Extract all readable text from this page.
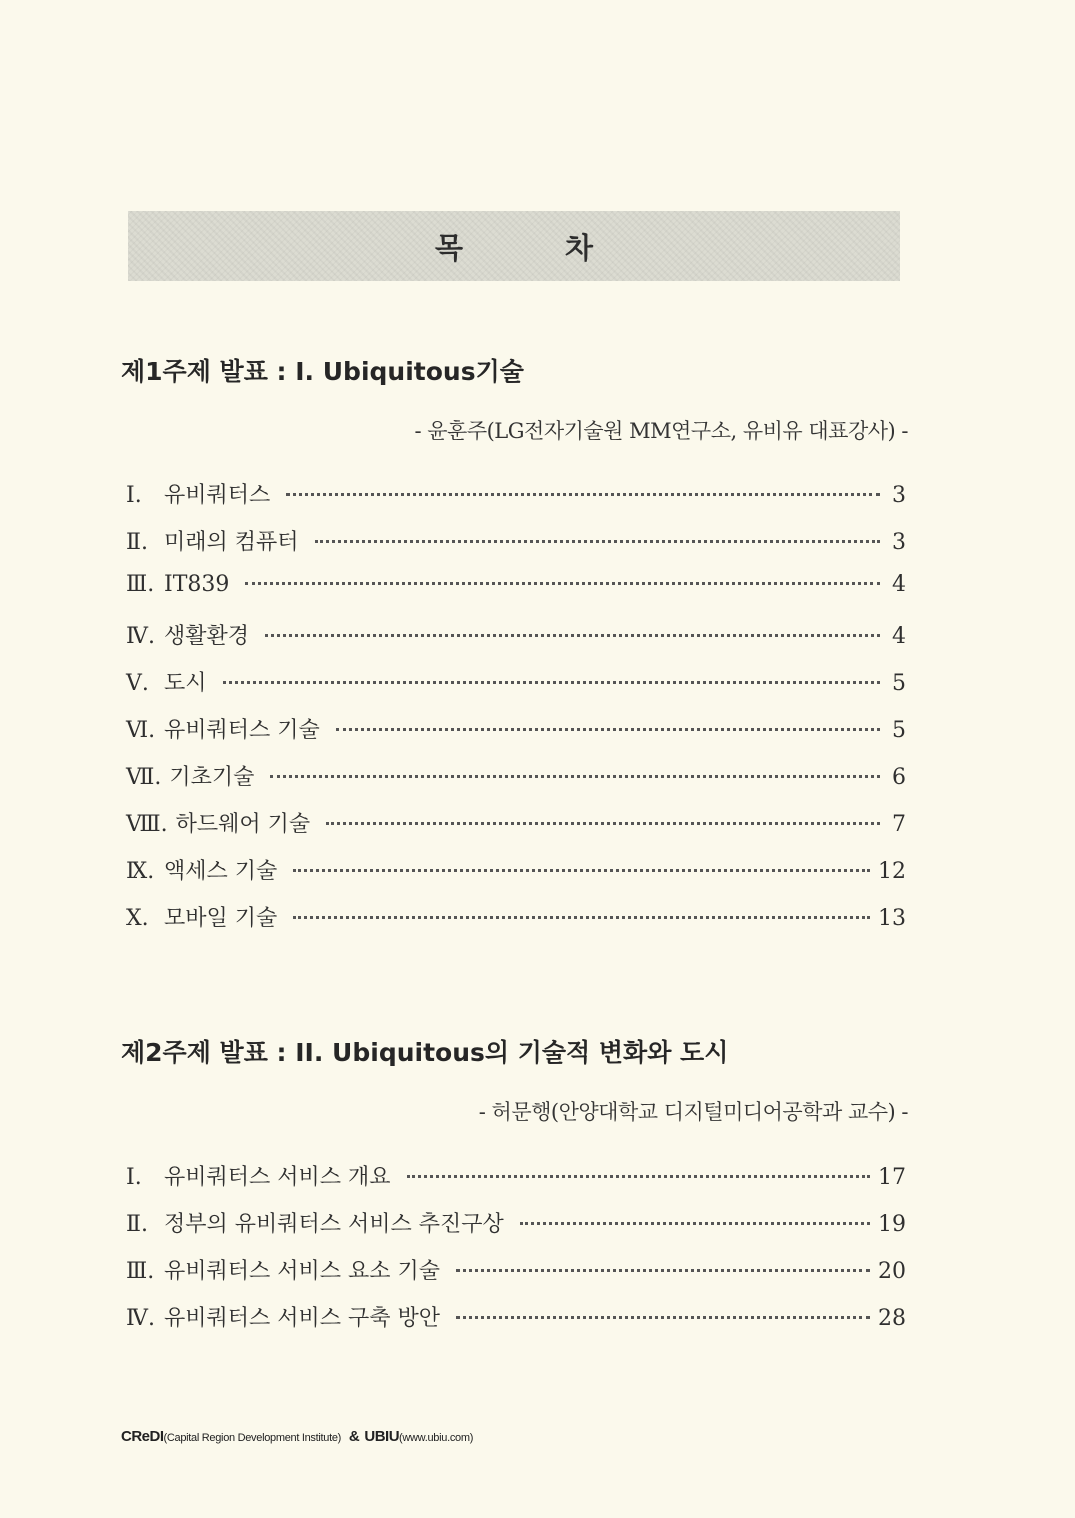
목 차
제1주제 발표 : I. Ubiquitous기술
- 윤훈주(LG전자기술원 MM연구소, 유비유 대표강사) -
Ⅰ.	유비쿼터스	3
Ⅱ. 미래의 컴퓨터	3
Ⅲ. IT839	4
Ⅳ. 생활환경	4
Ⅴ. 도시	5
Ⅵ. 유비쿼터스 기술	5
Ⅶ. 기초기술	6
Ⅷ. 하드웨어 기술	7
Ⅸ. 액세스 기술	12
Ⅹ. 모바일 기술	13
제2주제 발표 : II. Ubiquitous의 기술적 변화와 도시
- 허문행(안양대학교 디지털미디어공학과 교수) -
Ⅰ.	유비쿼터스 서비스 개요	17
Ⅱ. 정부의 유비쿼터스 서비스 추진구상	19
Ⅲ. 유비쿼터스 서비스 요소 기술	20
Ⅳ. 유비쿼터스 서비스 구축 방안	28
CReDI(Capital Region Development Institute) & UBIU(www.ubiu.com)
